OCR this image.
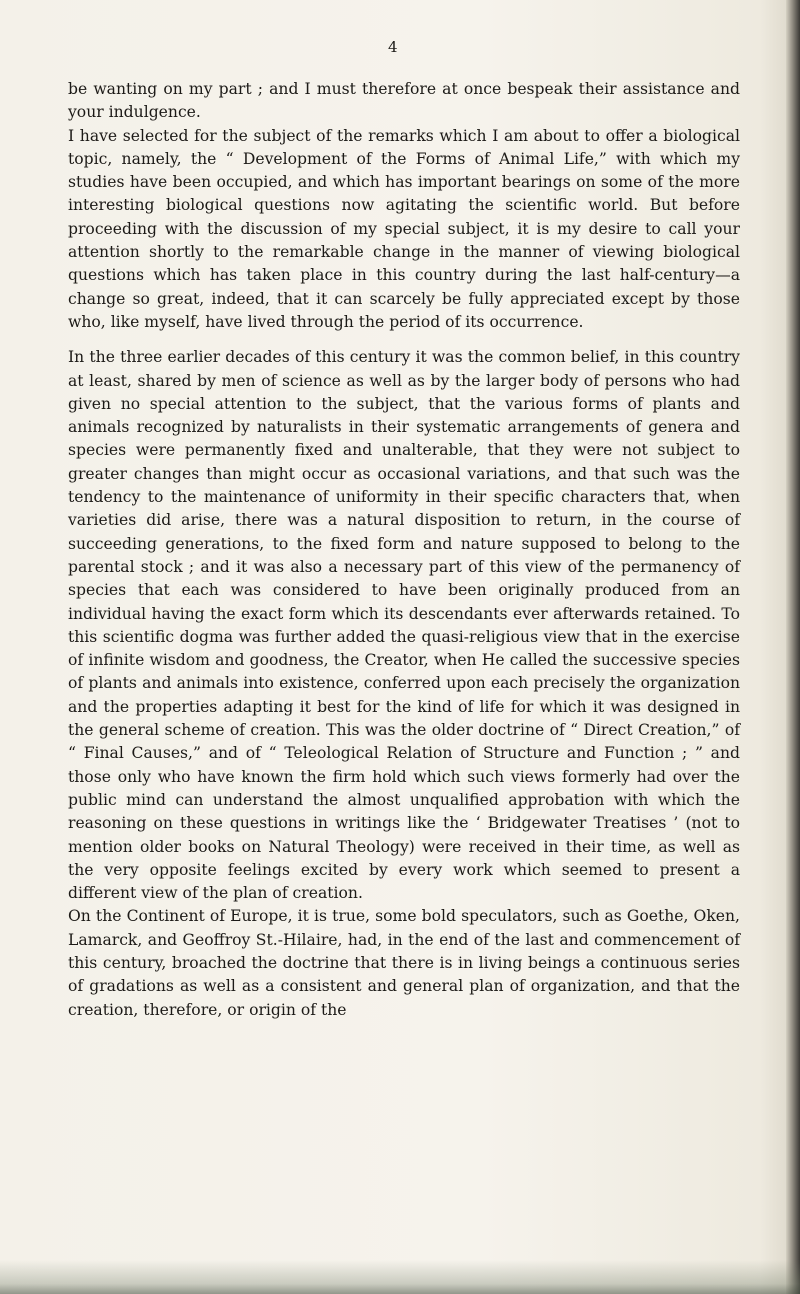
4

be wanting on my part ; and I must therefore at once bespeak their assistance and your indulgence.

I have selected for the subject of the remarks which I am about to offer a biological topic, namely, the “ Development of the Forms of Animal Life,” with which my studies have been occupied, and which has important bearings on some of the more interesting biological questions now agitating the scientific world. But before proceeding with the discussion of my special subject, it is my desire to call your attention shortly to the remarkable change in the manner of viewing biological questions which has taken place in this country during the last half-century—a change so great, indeed, that it can scarcely be fully appreciated except by those who, like myself, have lived through the period of its occurrence.

In the three earlier decades of this century it was the common belief, in this country at least, shared by men of science as well as by the larger body of persons who had given no special attention to the subject, that the various forms of plants and animals recognized by naturalists in their systematic arrangements of genera and species were permanently fixed and unalterable, that they were not subject to greater changes than might occur as occasional variations, and that such was the tendency to the maintenance of uniformity in their specific characters that, when varieties did arise, there was a natural disposition to return, in the course of succeeding generations, to the fixed form and nature supposed to belong to the parental stock ; and it was also a necessary part of this view of the permanency of species that each was considered to have been originally produced from an individual having the exact form which its descendants ever afterwards retained. To this scientific dogma was further added the quasi-religious view that in the exercise of infinite wisdom and goodness, the Creator, when He called the successive species of plants and animals into existence, conferred upon each precisely the organization and the properties adapting it best for the kind of life for which it was designed in the general scheme of creation. This was the older doctrine of “ Direct Creation,” of “ Final Causes,” and of “ Teleological Relation of Structure and Function ; ” and those only who have known the firm hold which such views formerly had over the public mind can understand the almost unqualified approbation with which the reasoning on these questions in writings like the ‘ Bridgewater Treatises ’ (not to mention older books on Natural Theology) were received in their time, as well as the very opposite feelings excited by every work which seemed to present a different view of the plan of creation.

On the Continent of Europe, it is true, some bold speculators, such as Goethe, Oken, Lamarck, and Geoffroy St.-Hilaire, had, in the end of the last and commencement of this century, broached the doctrine that there is in living beings a continuous series of gradations as well as a consistent and general plan of organization, and that the creation, therefore, or origin of the
